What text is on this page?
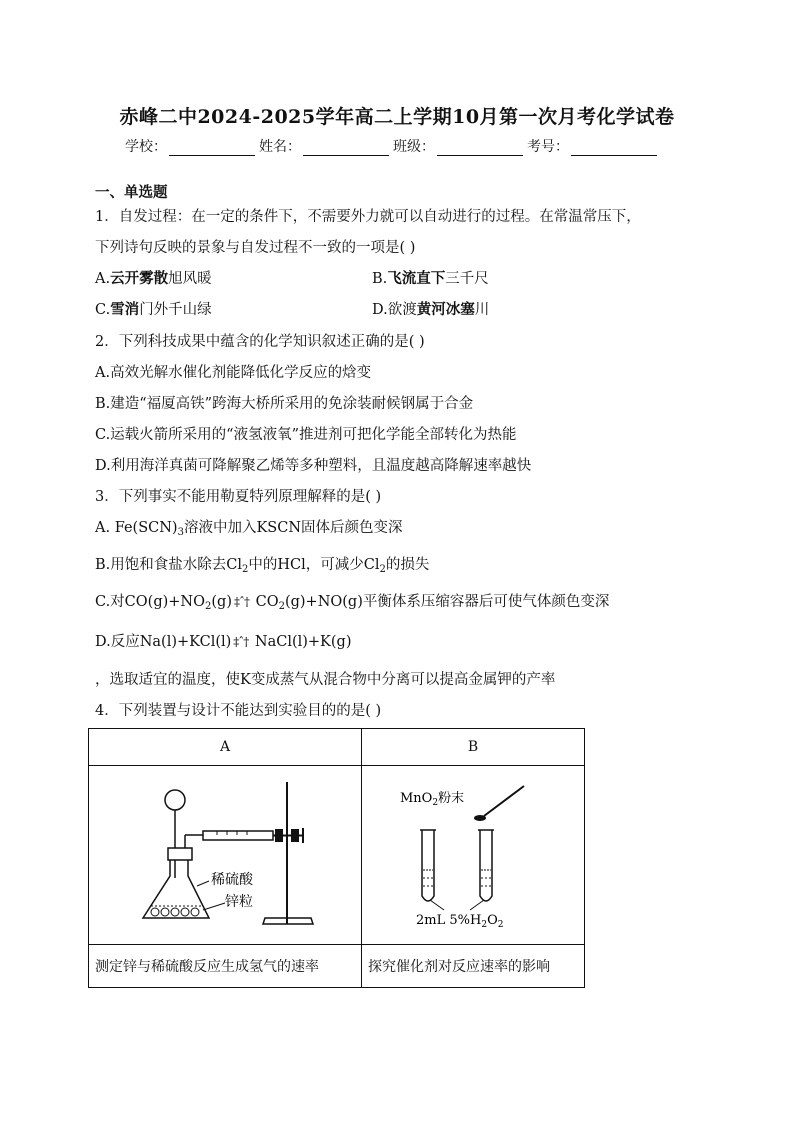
赤峰二中2024-2025学年高二上学期10月第一次月考化学试卷
学校：	姓名：	班级：	考号：
一、单选题
1．自发过程：在一定的条件下，不需要外力就可以自动进行的过程。在常温常压下，
下列诗句反映的景象与自发过程不一致的一项是( )
A.云开雾散旭风暖	B.飞流直下三千尺
C.雪消门外千山绿	D.欲渡黄河冰塞川
2．下列科技成果中蕴含的化学知识叙述正确的是( )
A.高效光解水催化剂能降低化学反应的焓变
B.建造“福厦高铁”跨海大桥所采用的免涂装耐候钢属于合金
C.运载火箭所采用的“液氢液氧”推进剂可把化学能全部转化为热能
D.利用海洋真菌可降解聚乙烯等多种塑料，且温度越高降解速率越快
3．下列事实不能用勒夏特列原理解释的是( )
A. $Fe(SCN)_3$溶液中加入KSCN固体后颜色变深
B.用饱和食盐水除去$Cl_2$中的HCl，可减少$Cl_2$的损失
C.对$CO(g)+NO_2(g)$ ‡ˆ† $CO_2(g)+NO(g)$平衡体系压缩容器后可使气体颜色变深
D.反应Na(l)+KCl(l) ‡ˆ† NaCl(l)+K(g)
，选取适宜的温度，使K变成蒸气从混合物中分离可以提高金属钾的产率
4．下列装置与设计不能达到实验目的的是( )
A	B

稀硫酸
锌粒	MnO$_2$粉末
2mL $5\%H_2O_2$

测定锌与稀硫酸反应生成氢气的速率	探究催化剂对反应速率的影响
